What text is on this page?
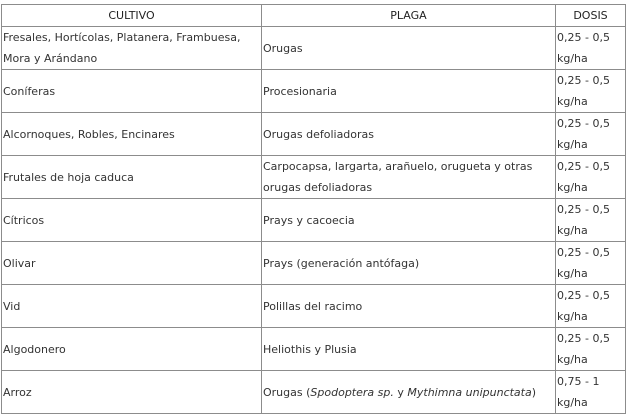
CULTIVO	PLAGA	DOSIS
Fresales, Hortícolas, Platanera, Frambuesa,
Mora y Arándano	Orugas	0,25 - 0,5
kg/ha

Coníferas	Procesionaria	0,25 - 0,5
kg/ha

Alcornoques, Robles, Encinares	Orugas defoliadoras	0,25 - 0,5
kg/ha

Frutales de hoja caduca	Carpocapsa, largarta, arañuelo, orugueta y otras
orugas defoliadoras	0,25 - 0,5
kg/ha

Cítricos	Prays y cacoecia	0,25 - 0,5
kg/ha

Olivar	Prays (generación antófaga)	0,25 - 0,5
kg/ha

Vid	Polillas del racimo	0,25 - 0,5
kg/ha

Algodonero	Heliothis y Plusia	0,25 - 0,5
kg/ha

Arroz	Orugas (Spodoptera sp. y Mythimna unipunctata)	0,75 - 1
kg/ha
